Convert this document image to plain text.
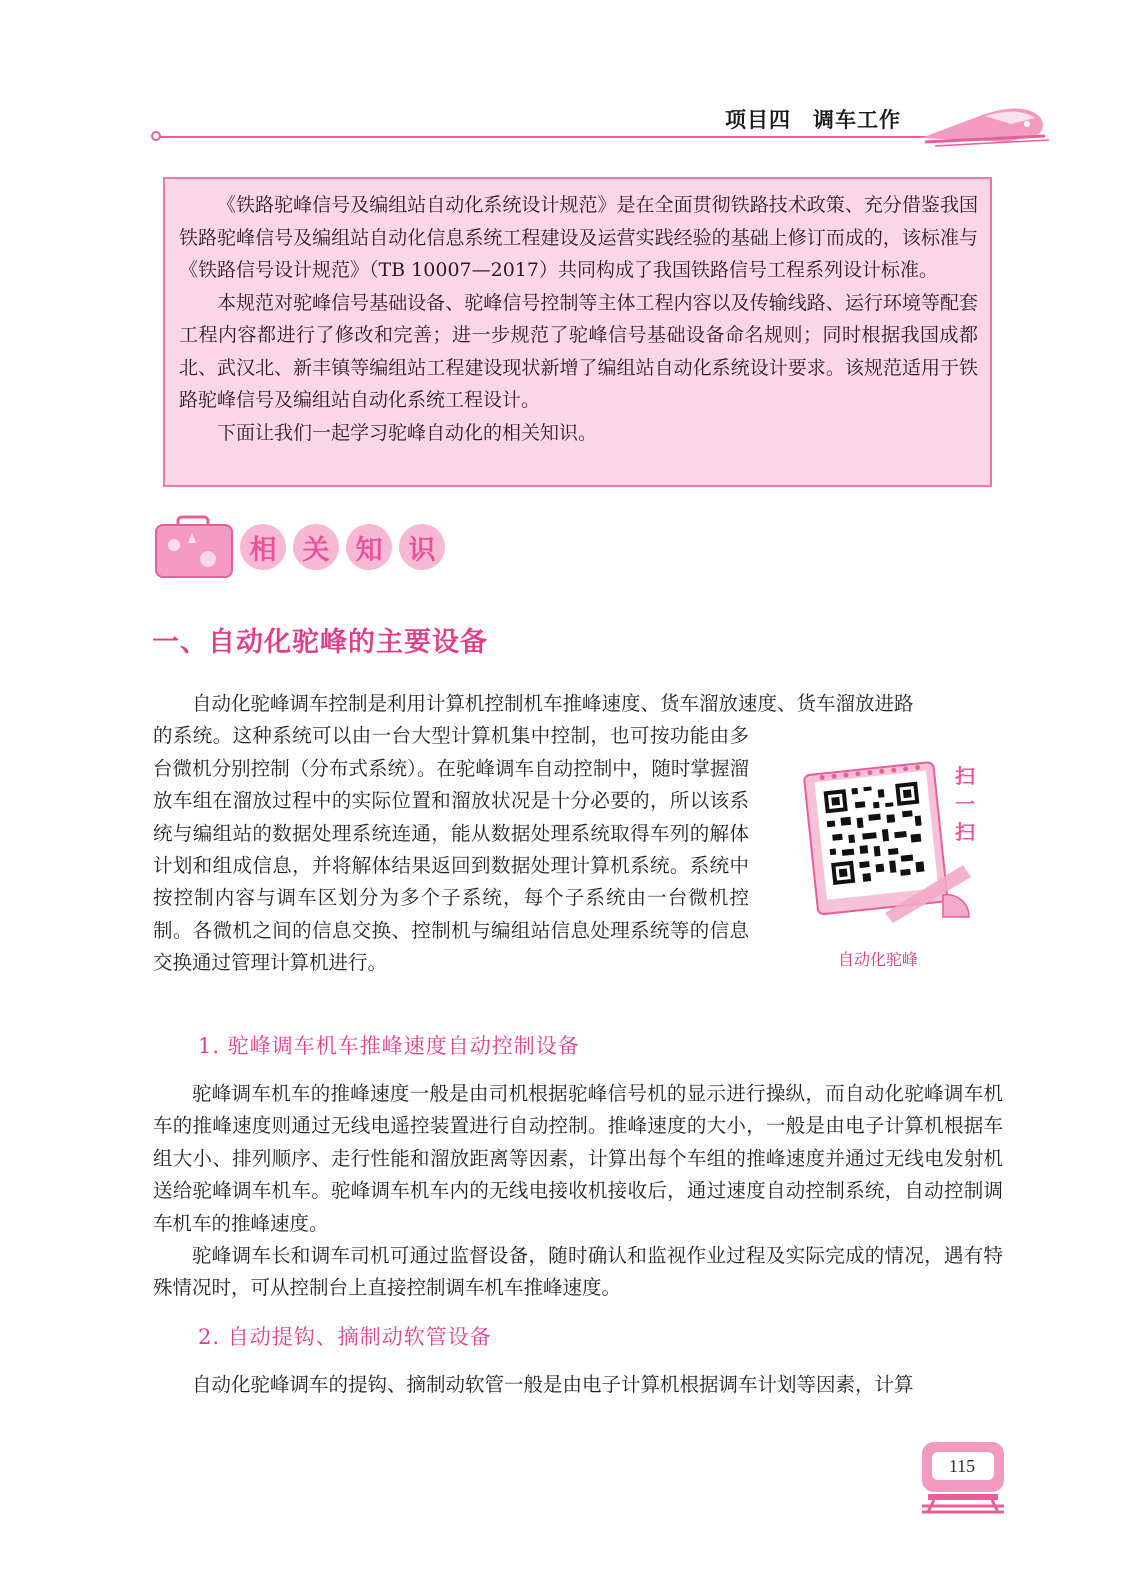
项目四 调车工作

《铁路驼峰信号及编组站自动化系统设计规范》是在全面贯彻铁路技术政策、充分借鉴我国铁路驼峰信号及编组站自动化信息系统工程建设及运营实践经验的基础上修订而成的，该标准与《铁路信号设计规范》（TB 10007—2017）共同构成了我国铁路信号工程系列设计标准。

本规范对驼峰信号基础设备、驼峰信号控制等主体工程内容以及传输线路、运行环境等配套工程内容都进行了修改和完善；进一步规范了驼峰信号基础设备命名规则；同时根据我国成都北、武汉北、新丰镇等编组站工程建设现状新增了编组站自动化系统设计要求。该规范适用于铁路驼峰信号及编组站自动化系统工程设计。

下面让我们一起学习驼峰自动化的相关知识。

相 关 知 识
一、自动化驼峰的主要设备

自动化驼峰调车控制是利用计算机控制机车推峰速度、货车溜放速度、货车溜放进路

的系统。这种系统可以由一台大型计算机集中控制，也可按功能由多台微机分别控制（分布式系统）。在驼峰调车自动控制中，随时掌握溜放车组在溜放过程中的实际位置和溜放状况是十分必要的，所以该系统与编组站的数据处理系统连通，能从数据处理系统取得车列的解体计划和组成信息，并将解体结果返回到数据处理计算机系统。系统中按控制内容与调车区划分为多个子系统，每个子系统由一台微机控制。各微机之间的信息交换、控制机与编组站信息处理系统等的信息交换通过管理计算机进行。

扫一扫
自动化驼峰
1. 驼峰调车机车推峰速度自动控制设备

驼峰调车机车的推峰速度一般是由司机根据驼峰信号机的显示进行操纵，而自动化驼峰调车机车的推峰速度则通过无线电遥控装置进行自动控制。推峰速度的大小，一般是由电子计算机根据车组大小、排列顺序、走行性能和溜放距离等因素，计算出每个车组的推峰速度并通过无线电发射机送给驼峰调车机车。驼峰调车机车内的无线电接收机接收后，通过速度自动控制系统，自动控制调车机车的推峰速度。

驼峰调车长和调车司机可通过监督设备，随时确认和监视作业过程及实际完成的情况，遇有特殊情况时，可从控制台上直接控制调车机车推峰速度。

2. 自动提钩、摘制动软管设备

自动化驼峰调车的提钩、摘制动软管一般是由电子计算机根据调车计划等因素，计算

115
